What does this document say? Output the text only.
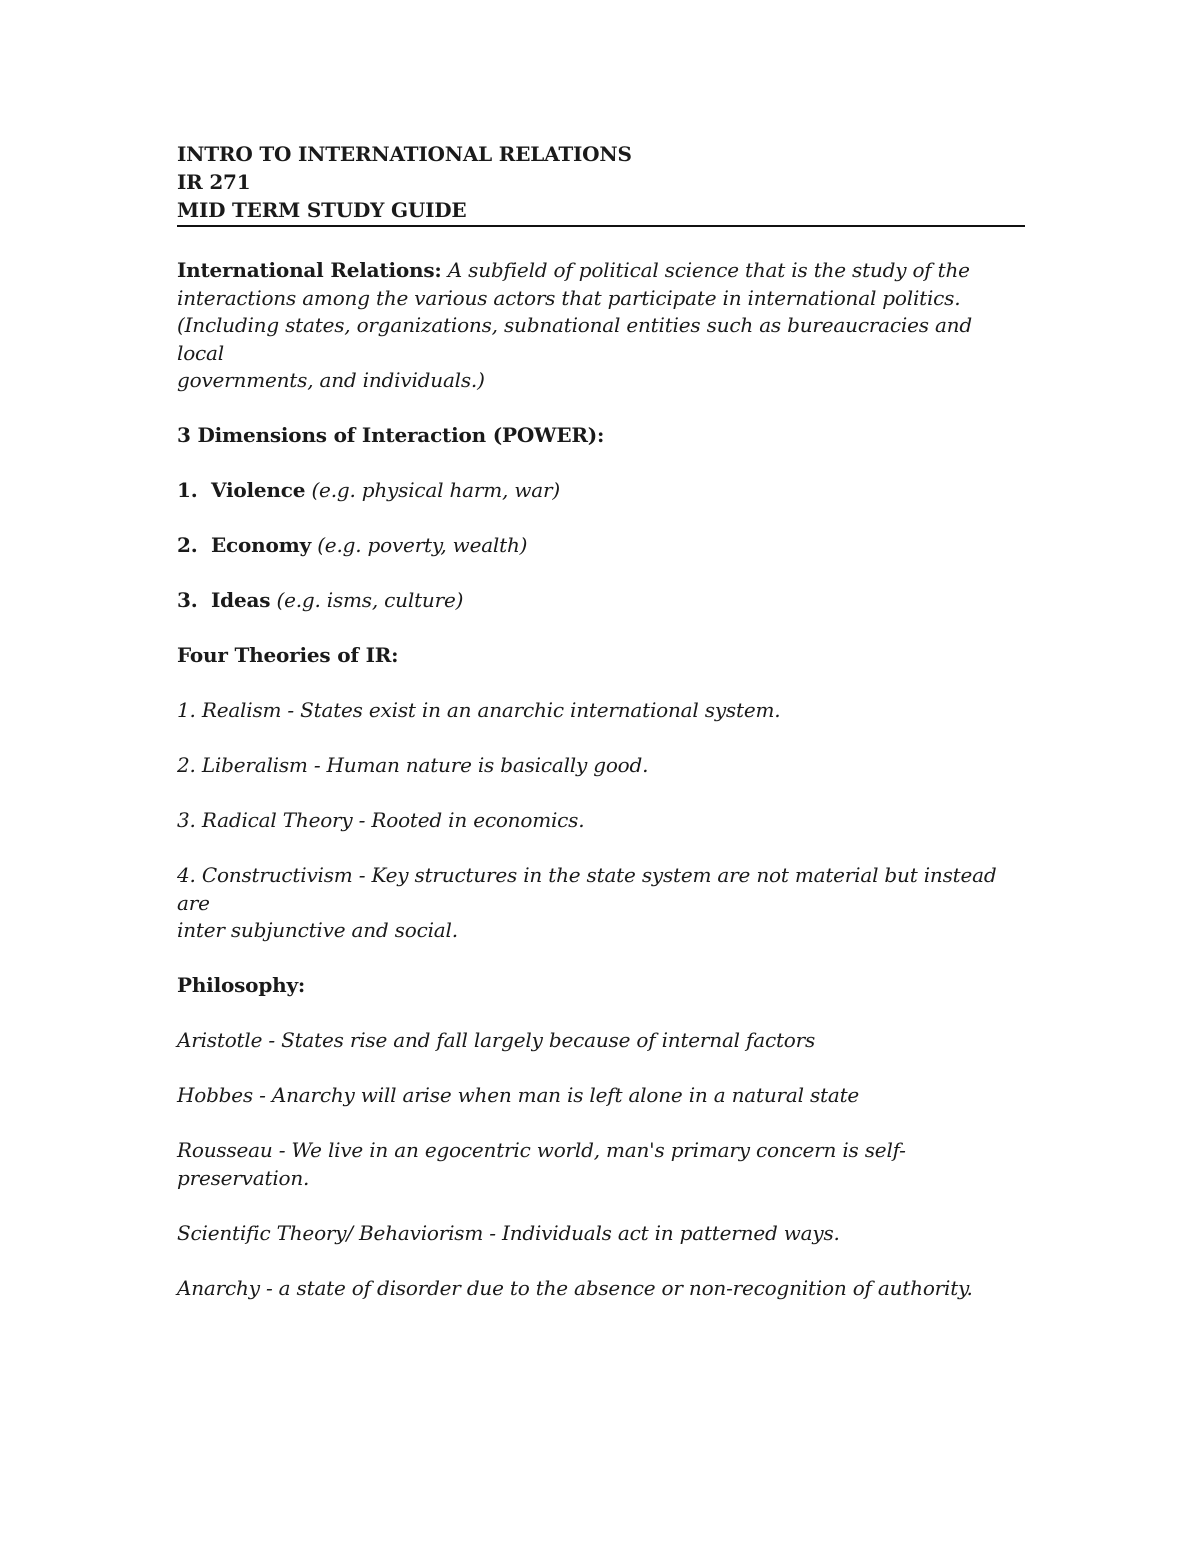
INTRO TO INTERNATIONAL RELATIONS

IR 271

MID TERM STUDY GUIDE

International Relations: A subfield of political science that is the study of the

interactions among the various actors that participate in international politics.

(Including states, organizations, subnational entities such as bureaucracies and local

governments, and individuals.)

3 Dimensions of Interaction (POWER):

1. Violence (e.g. physical harm, war)

2. Economy (e.g. poverty, wealth)

3. Ideas (e.g. isms, culture)

Four Theories of IR:

1. Realism - States exist in an anarchic international system.

2. Liberalism - Human nature is basically good.

3. Radical Theory - Rooted in economics.

4. Constructivism - Key structures in the state system are not material but instead are

inter subjunctive and social.

Philosophy:

Aristotle - States rise and fall largely because of internal factors

Hobbes - Anarchy will arise when man is left alone in a natural state

Rousseau - We live in an egocentric world, man's primary concern is self-preservation.

Scientific Theory/ Behaviorism - Individuals act in patterned ways.

Anarchy - a state of disorder due to the absence or non-recognition of authority.
